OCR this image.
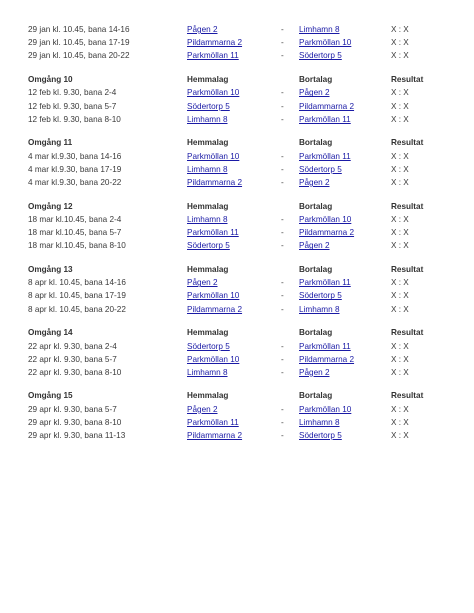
29 jan kl. 10.45, bana 14-16	Pågen 2	- Limhamn 8	X : X
29 jan kl. 10.45, bana 17-19	Pildammarna 2	- Parkmöllan 10	X : X
29 jan kl. 10.45, bana 20-22	Parkmöllan 11	- Södertorp 5	X : X
Omgång 10	Hemmalag	Bortalag	Resultat
12 feb kl. 9.30, bana 2-4	Parkmöllan 10	- Pågen 2	X : X
12 feb kl. 9.30, bana 5-7	Södertorp 5	- Pildammarna 2	X : X
12 feb kl. 9.30, bana 8-10	Limhamn 8	- Parkmöllan 11	X : X
Omgång 11	Hemmalag	Bortalag	Resultat
4 mar kl.9.30, bana 14-16	Parkmöllan 10	- Parkmöllan 11	X : X
4 mar kl.9.30, bana 17-19	Limhamn 8	- Södertorp 5	X : X
4 mar kl.9.30, bana 20-22	Pildammarna 2	- Pågen 2	X : X
Omgång 12	Hemmalag	Bortalag	Resultat
18 mar kl.10.45, bana 2-4	Limhamn 8	- Parkmöllan 10	X : X
18 mar kl.10.45, bana 5-7	Parkmöllan 11	- Pildammarna 2	X : X
18 mar kl.10.45, bana 8-10	Södertorp 5	- Pågen 2	X : X
Omgång 13	Hemmalag	Bortalag	Resultat
8 apr kl. 10.45, bana 14-16	Pågen 2	- Parkmöllan 11	X : X
8 apr kl. 10.45, bana 17-19	Parkmöllan 10	- Södertorp 5	X : X
8 apr kl. 10.45, bana 20-22	Pildammarna 2	- Limhamn 8	X : X
Omgång 14	Hemmalag	Bortalag	Resultat
22 apr kl. 9.30, bana 2-4	Södertorp 5	- Parkmöllan 11	X : X
22 apr kl. 9.30, bana 5-7	Parkmöllan 10	- Pildammarna 2	X : X
22 apr kl. 9.30, bana 8-10	Limhamn 8	- Pågen 2	X : X
Omgång 15	Hemmalag	Bortalag	Resultat
29 apr kl. 9.30, bana 5-7	Pågen 2	- Parkmöllan 10	X : X
29 apr kl. 9.30, bana 8-10	Parkmöllan 11	- Limhamn 8	X : X
29 apr kl. 9.30, bana 11-13	Pildammarna 2	- Södertorp 5	X : X
